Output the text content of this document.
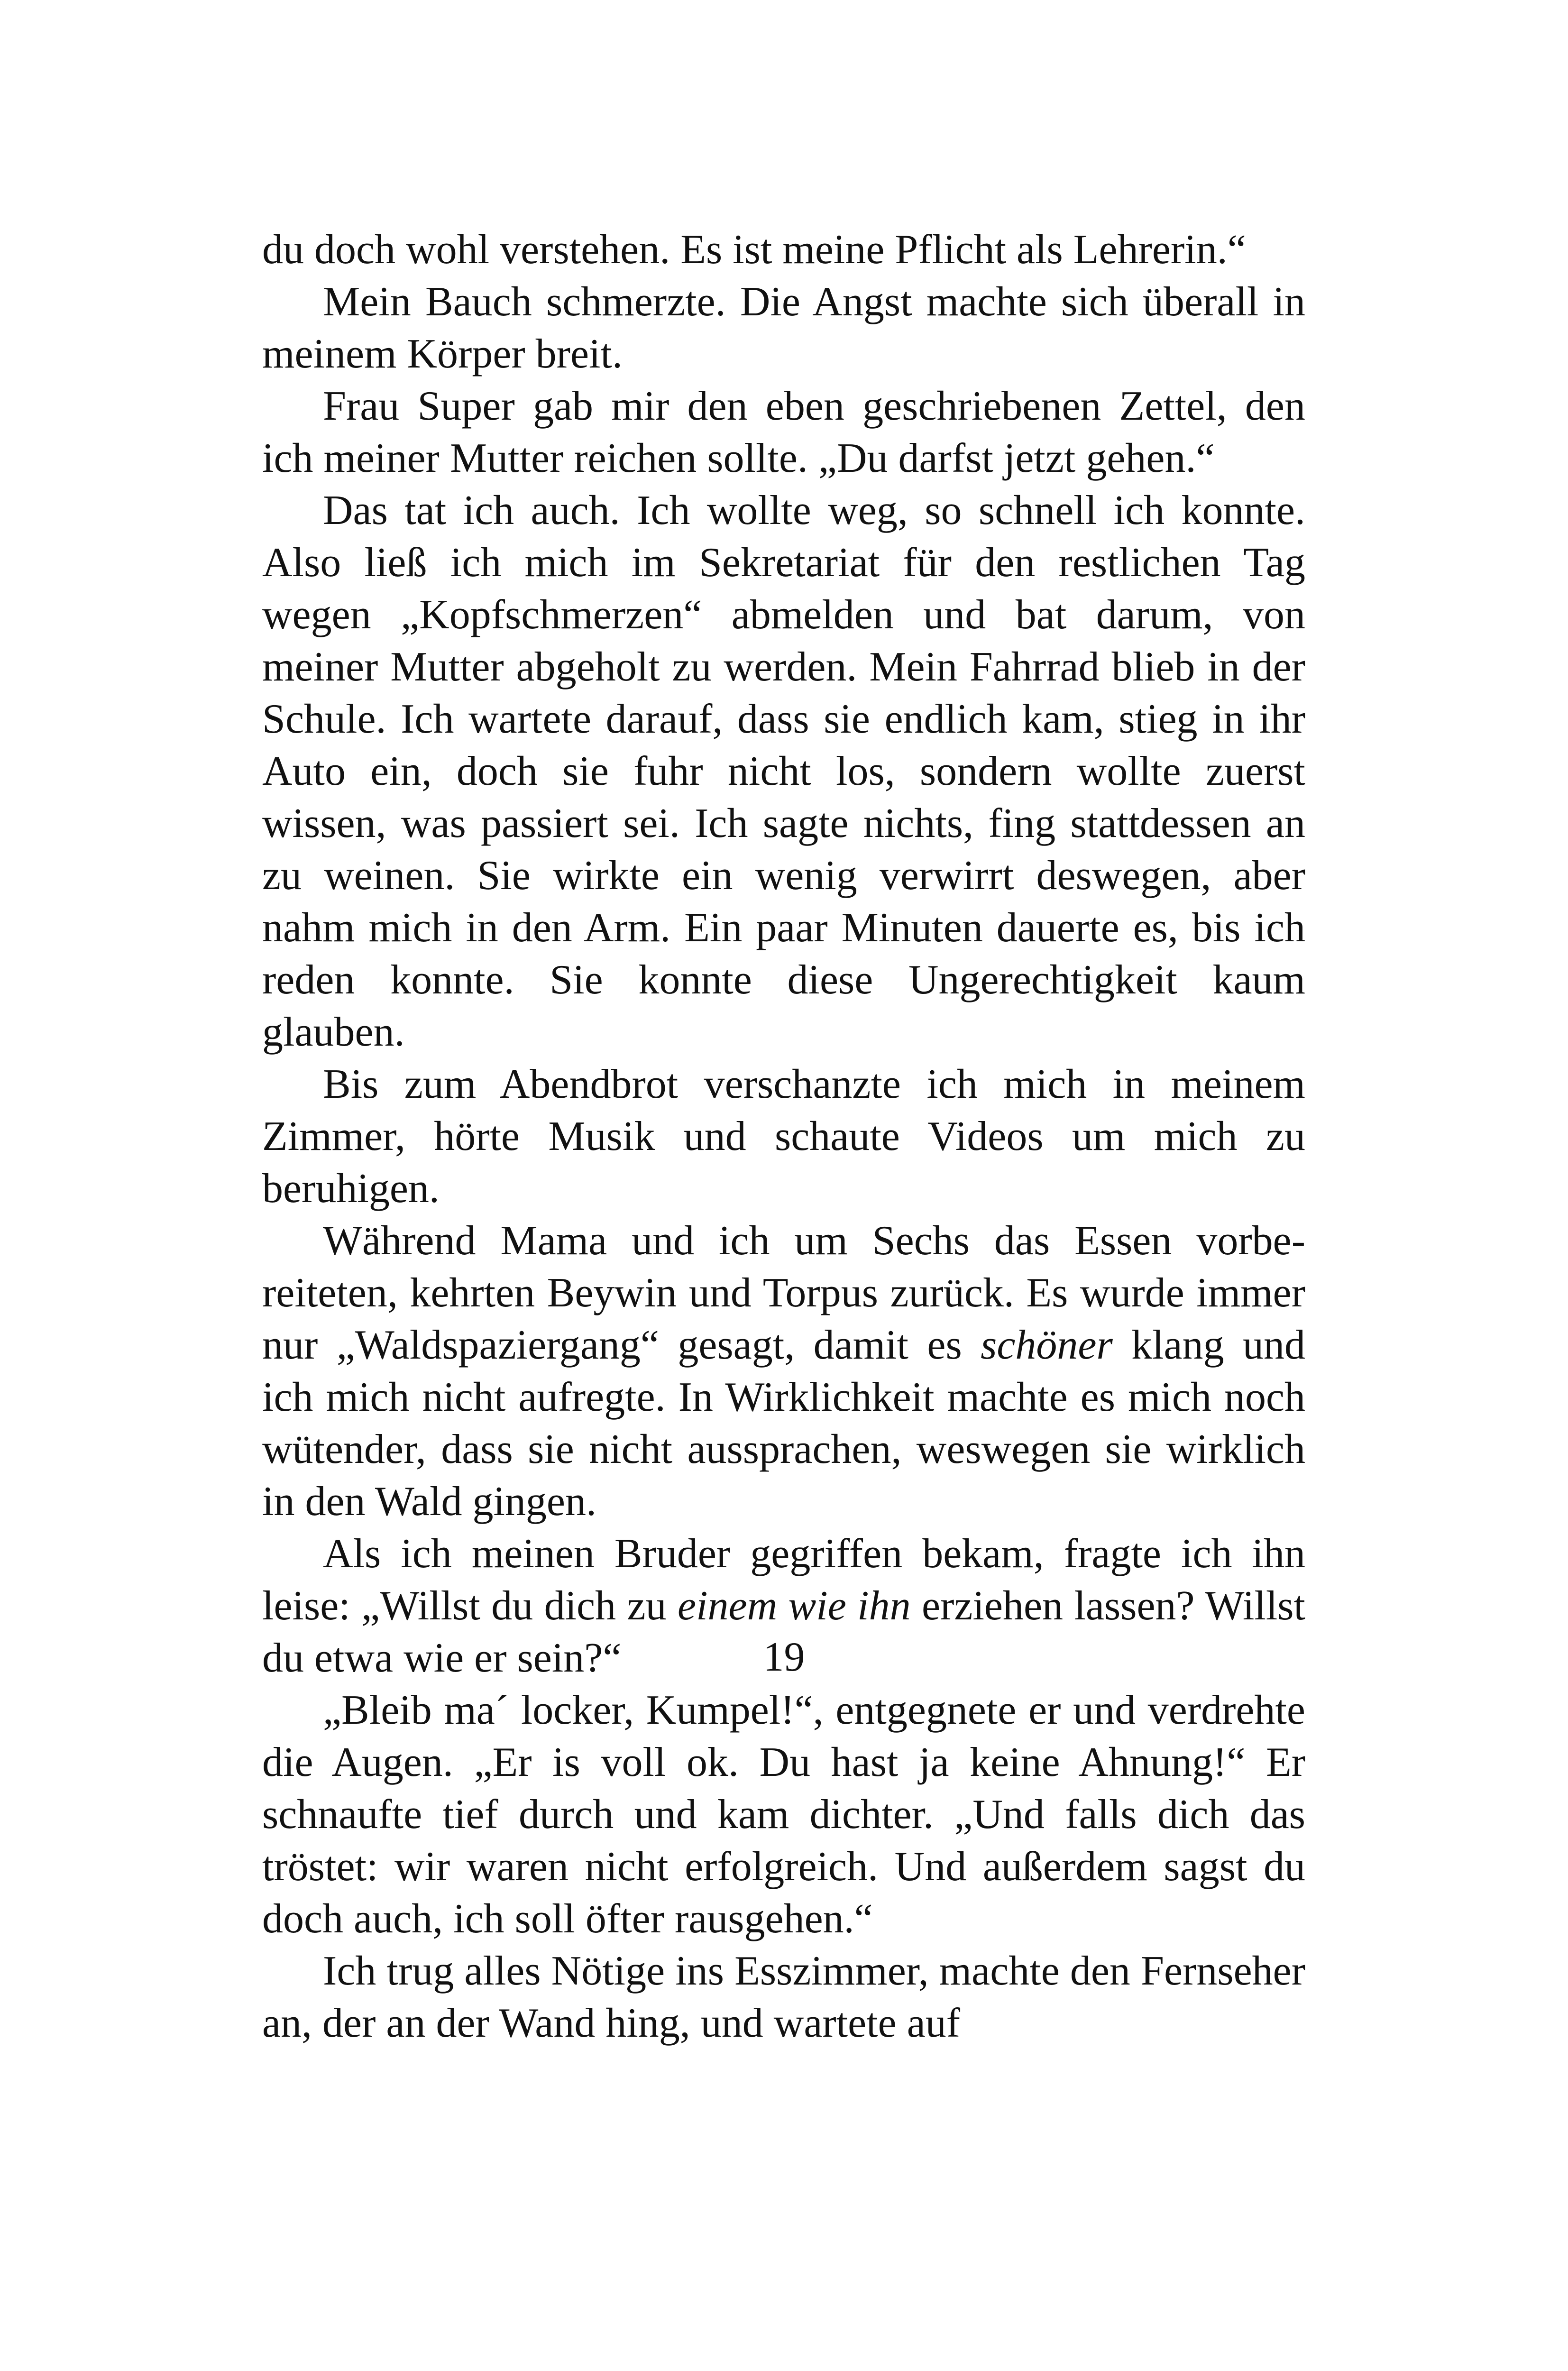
du doch wohl verstehen. Es ist meine Pflicht als Lehrerin.“

Mein Bauch schmerzte. Die Angst machte sich überall in meinem Körper breit.

Frau Super gab mir den eben geschriebenen Zettel, den ich meiner Mutter reichen sollte. „Du darfst jetzt gehen.“

Das tat ich auch. Ich wollte weg, so schnell ich konnte. Also ließ ich mich im Sekretariat für den restlichen Tag wegen „Kopfschmerzen“ abmelden und bat darum, von meiner Mutter abgeholt zu werden. Mein Fahrrad blieb in der Schule. Ich wartete darauf, dass sie endlich kam, stieg in ihr Auto ein, doch sie fuhr nicht los, sondern wollte zuerst wissen, was passiert sei. Ich sagte nichts, fing stattdessen an zu weinen. Sie wirkte ein wenig verwirrt deswegen, aber nahm mich in den Arm. Ein paar Minuten dauerte es, bis ich reden konnte. Sie konnte diese Ungerechtigkeit kaum glauben.

Bis zum Abendbrot verschanzte ich mich in meinem Zimmer, hörte Musik und schaute Videos um mich zu beruhigen.

Während Mama und ich um Sechs das Essen vorbereiteten, kehrten Beywin und Torpus zurück. Es wurde immer nur „Waldspaziergang“ gesagt, damit es schöner klang und ich mich nicht aufregte. In Wirklichkeit machte es mich noch wütender, dass sie nicht aussprachen, weswegen sie wirklich in den Wald gingen.

Als ich meinen Bruder gegriffen bekam, fragte ich ihn leise: „Willst du dich zu einem wie ihn erziehen lassen? Willst du etwa wie er sein?“

„Bleib ma´ locker, Kumpel!“, entgegnete er und verdrehte die Augen. „Er is voll ok. Du hast ja keine Ahnung!“ Er schnaufte tief durch und kam dichter. „Und falls dich das tröstet: wir waren nicht erfolgreich. Und außerdem sagst du doch auch, ich soll öfter rausgehen.“

Ich trug alles Nötige ins Esszimmer, machte den Fernseher an, der an der Wand hing, und wartete auf

19
